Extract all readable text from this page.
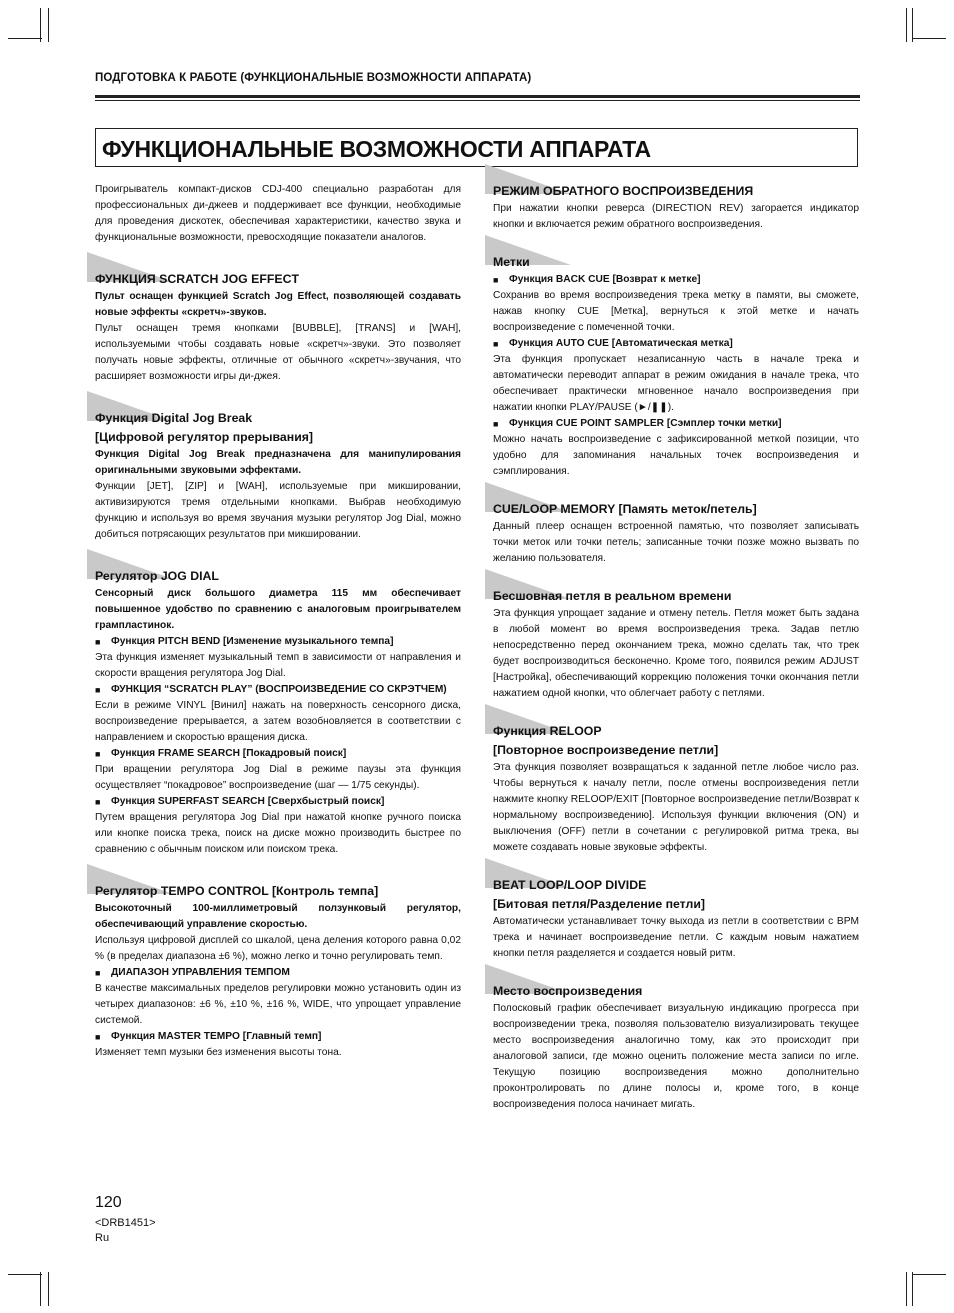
ПОДГОТОВКА К РАБОТЕ (ФУНКЦИОНАЛЬНЫЕ ВОЗМОЖНОСТИ АППАРАТА)
ФУНКЦИОНАЛЬНЫЕ ВОЗМОЖНОСТИ АППАРАТА

Проигрыватель компакт-дисков CDJ-400 специально разработан для профессиональных ди-джеев и поддерживает все функции, необходимые для проведения дискотек, обеспечивая характеристики, качество звука и функциональные возможности, превосходящие показатели аналогов.

ФУНКЦИЯ SCRATCH JOG EFFECT

Пульт оснащен функцией Scratch Jog Effect, позволяющей создавать новые эффекты «скретч»-звуков.

Пульт оснащен тремя кнопками [BUBBLE], [TRANS] и [WAH], используемыми чтобы создавать новые «скретч»-звуки. Это позволяет получать новые эффекты, отличные от обычного «скретч»-звучания, что расширяет возможности игры ди-джея.

Функция Digital Jog Break
[Цифровой регулятор прерывания]

Функция Digital Jog Break предназначена для манипулирования оригинальными звуковыми эффектами.

Функции [JET], [ZIP] и [WAH], используемые при микшировании, активизируются тремя отдельными кнопками. Выбрав необходимую функцию и используя во время звучания музыки регулятор Jog Dial, можно добиться потрясающих результатов при микшировании.

Регулятор JOG DIAL

Сенсорный диск большого диаметра 115 мм обеспечивает повышенное удобство по сравнению с аналоговым проигрывателем грампластинок.

■ Функция PITCH BEND [Изменение музыкального темпа]

Эта функция изменяет музыкальный темп в зависимости от направления и скорости вращения регулятора Jog Dial.

■ ФУНКЦИЯ “SCRATCH PLAY” (ВОСПРОИЗВЕДЕНИЕ СО СКРЭТЧЕМ)

Если в режиме VINYL [Винил] нажать на поверхность сенсорного диска, воспроизведение прерывается, а затем возобновляется в соответствии с направлением и скоростью вращения диска.

■ Функция FRAME SEARCH [Покадровый поиск]

При вращении регулятора Jog Dial в режиме паузы эта функция осуществляет “покадровое” воспроизведение (шаг — 1/75 секунды).

■ Функция SUPERFAST SEARCH [Сверхбыстрый поиск]

Путем вращения регулятора Jog Dial при нажатой кнопке ручного поиска или кнопке поиска трека, поиск на диске можно производить быстрее по сравнению с обычным поиском или поиском трека.

Регулятор TEMPO CONTROL [Контроль темпа]

Высокоточный 100-миллиметровый ползунковый регулятор, обеспечивающий управление скоростью.

Используя цифровой дисплей со шкалой, цена деления которого равна 0,02 % (в пределах диапазона ±6 %), можно легко и точно регулировать темп.

■ ДИАПАЗОН УПРАВЛЕНИЯ ТЕМПОМ

В качестве максимальных пределов регулировки можно установить один из четырех диапазонов: ±6 %, ±10 %, ±16 %, WIDE, что упрощает управление системой.

■ Функция MASTER TEMPO [Главный темп]

Изменяет темп музыки без изменения высоты тона.

РЕЖИМ ОБРАТНОГО ВОСПРОИЗВЕДЕНИЯ

При нажатии кнопки реверса (DIRECTION REV) загорается индикатор кнопки и включается режим обратного воспроизведения.

Метки

■ Функция BACK CUE [Возврат к метке]

Сохранив во время воспроизведения трека метку в памяти, вы сможете, нажав кнопку CUE [Метка], вернуться к этой метке и начать воспроизведение с помеченной точки.

■ Функция AUTO CUE [Автоматическая метка]

Эта функция пропускает незаписанную часть в начале трека и автоматически переводит аппарат в режим ожидания в начале трека, что обеспечивает практически мгновенное начало воспроизведения при нажатии кнопки PLAY/PAUSE (►/❚❚).

■ Функция CUE POINT SAMPLER [Сэмплер точки метки]

Можно начать воспроизведение с зафиксированной меткой позиции, что удобно для запоминания начальных точек воспроизведения и сэмплирования.

CUE/LOOP MEMORY [Память меток/петель]

Данный плеер оснащен встроенной памятью, что позволяет записывать точки меток или точки петель; записанные точки позже можно вызвать по желанию пользователя.

Бесшовная петля в реальном времени

Эта функция упрощает задание и отмену петель. Петля может быть задана в любой момент во время воспроизведения трека. Задав петлю непосредственно перед окончанием трека, можно сделать так, что трек будет воспроизводиться бесконечно. Кроме того, появился режим ADJUST [Настройка], обеспечивающий коррекцию положения точки окончания петли нажатием одной кнопки, что облегчает работу с петлями.

Функция RELOOP
[Повторное воспроизведение петли]

Эта функция позволяет возвращаться к заданной петле любое число раз. Чтобы вернуться к началу петли, после отмены воспроизведения петли нажмите кнопку RELOOP/EXIT [Повторное воспроизведение петли/Возврат к нормальному воспроизведению]. Используя функции включения (ON) и выключения (OFF) петли в сочетании с регулировкой ритма трека, вы можете создавать новые звуковые эффекты.

BEAT LOOP/LOOP DIVIDE
[Битовая петля/Разделение петли]

Автоматически устанавливает точку выхода из петли в соответствии с BPM трека и начинает воспроизведение петли. С каждым новым нажатием кнопки петля разделяется и создается новый ритм.

Место воспроизведения

Полосковый график обеспечивает визуальную индикацию прогресса при воспроизведении трека, позволяя пользователю визуализировать текущее место воспроизведения аналогично тому, как это происходит при аналоговой записи, где можно оценить положение места записи по игле. Текущую позицию воспроизведения можно дополнительно проконтролировать по длине полосы и, кроме того, в конце воспроизведения полоса начинает мигать.

120
<DRB1451>
Ru
